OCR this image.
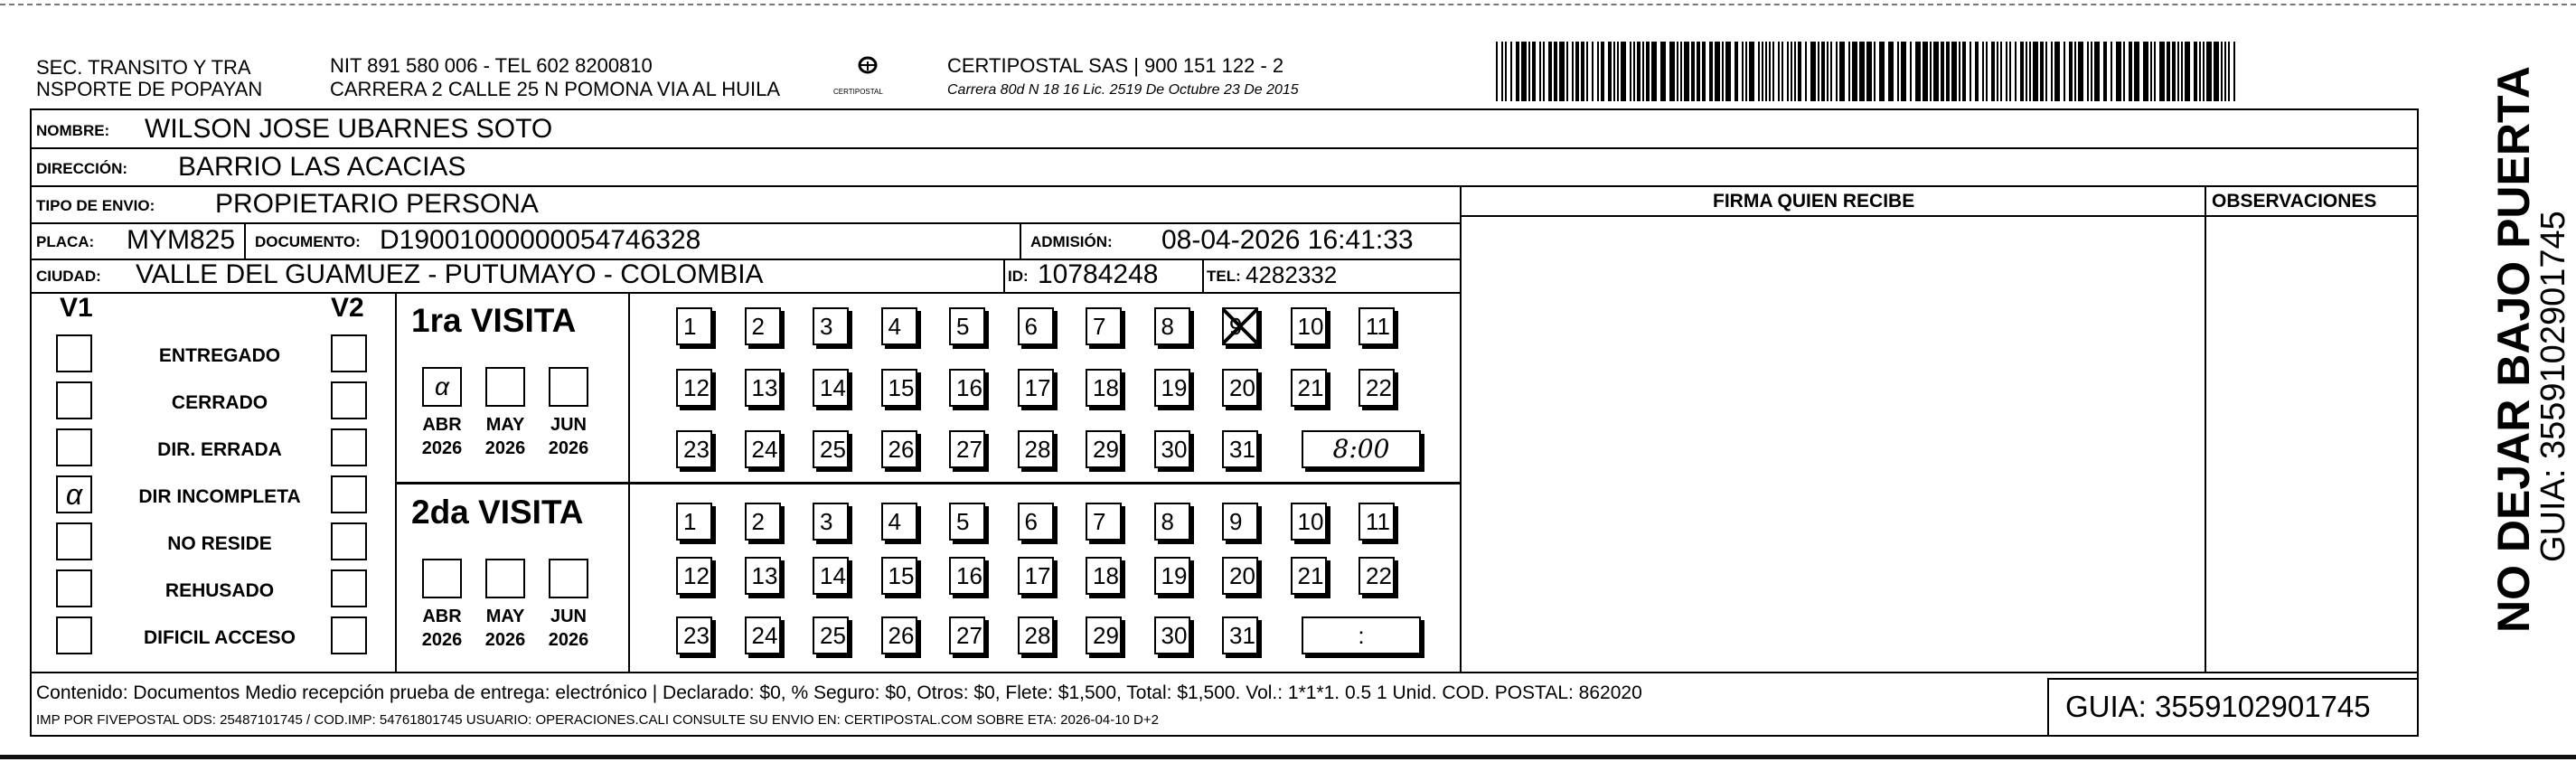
SEC. TRANSITO Y TRA
NSPORTE DE POPAYAN
NIT 891 580 006 - TEL 602 8200810
CARRERA 2 CALLE 25 N POMONA VIA AL HUILA	CERTIPOSTAL
CERTIPOSTAL SAS | 900 151 122 - 2
Carrera 80d N 18 16 Lic. 2519 De Octubre 23 De 2015
NOMBRE: WILSON JOSE UBARNES SOTO
DIRECCIÓN: BARRIO LAS ACACIAS
TIPO DE ENVIO: PROPIETARIO PERSONA	FIRMA QUIEN RECIBE	OBSERVACIONES
PLACA: MYM825 DOCUMENTO: D19001000000054746328	ADMISIÓN: 08-04-2026 16:41:33
CIUDAD: VALLE DEL GUAMUEZ - PUTUMAYO - COLOMBIA	ID: 10784248	TEL: 4282332
V1	V2
ENTREGADO
CERRADO
DIR. ERRADA
α	DIR INCOMPLETA
NO RESIDE
REHUSADO
DIFICIL ACCESO
1ra VISITA
α
ABR
2026
MAY
2026
JUN
2026
1	2	3	4	5	6	7	8	9	10	11
12	13	14	15	16	17	18	19	20	21	22
23	24	25	26	27	28	29	30	31	8:00
2da VISITA
ABR
2026
MAY
2026
JUN
2026
1	2	3	4	5	6	7	8	9	10	11
12	13	14	15	16	17	18	19	20	21	22
23	24	25	26	27	28	29	30	31	:
Contenido: Documentos Medio recepción prueba de entrega: electrónico | Declarado: $0, % Seguro: $0, Otros: $0, Flete: $1,500, Total: $1,500. Vol.: 1*1*1. 0.5 1 Unid. COD. POSTAL: 862020
IMP POR FIVEPOSTAL ODS: 25487101745 / COD.IMP: 54761801745 USUARIO: OPERACIONES.CALI CONSULTE SU ENVIO EN: CERTIPOSTAL.COM SOBRE ETA: 2026-04-10 D+2	GUIA: 3559102901745
NO DEJAR BAJO PUERTA
GUIA: 3559102901745
